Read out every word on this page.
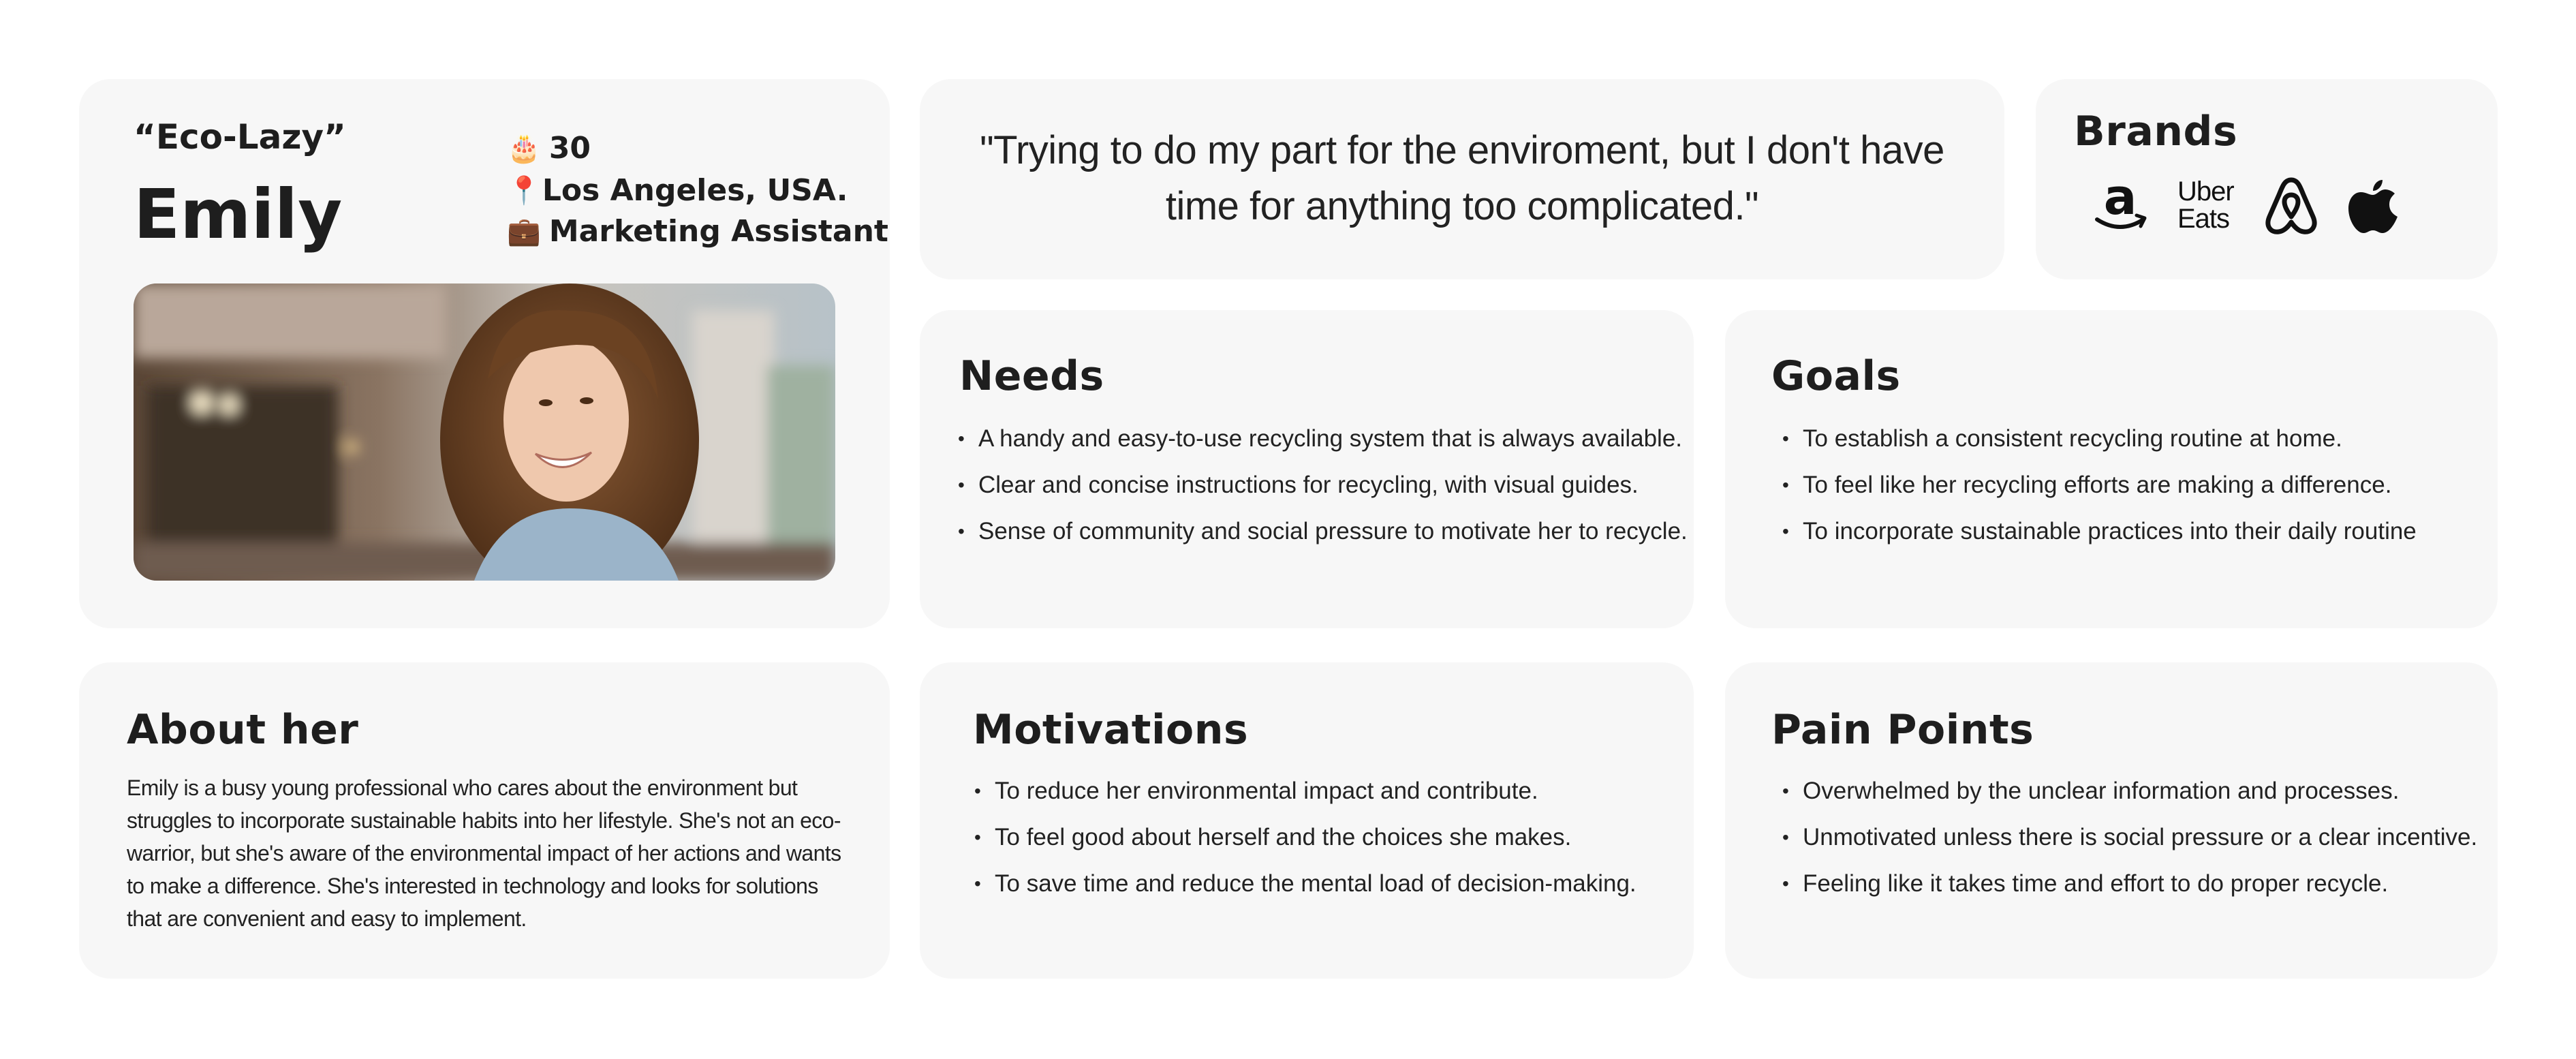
“Eco-Lazy”
Emily
🎂 30
📍 Los Angeles, USA.
💼 Marketing Assistant
"Trying to do my part for the enviroment, but I don't have time for anything too complicated."
Brands
a Uber
Eats
Needs
• A handy and easy-to-use recycling system that is always available.
• Clear and concise instructions for recycling, with visual guides.
• Sense of community and social pressure to motivate her to recycle.
Goals
• To establish a consistent recycling routine at home.
• To feel like her recycling efforts are making a difference.
• To incorporate sustainable practices into their daily routine
About her
Emily is a busy young professional who cares about the environment but struggles to incorporate sustainable habits into her lifestyle. She's not an eco-warrior, but she's aware of the environmental impact of her actions and wants to make a difference. She's interested in technology and looks for solutions that are convenient and easy to implement.
Motivations
• To reduce her environmental impact and contribute.
• To feel good about herself and the choices she makes.
• To save time and reduce the mental load of decision-making.
Pain Points
• Overwhelmed by the unclear information and processes.
• Unmotivated unless there is social pressure or a clear incentive.
• Feeling like it takes time and effort to do proper recycle.
